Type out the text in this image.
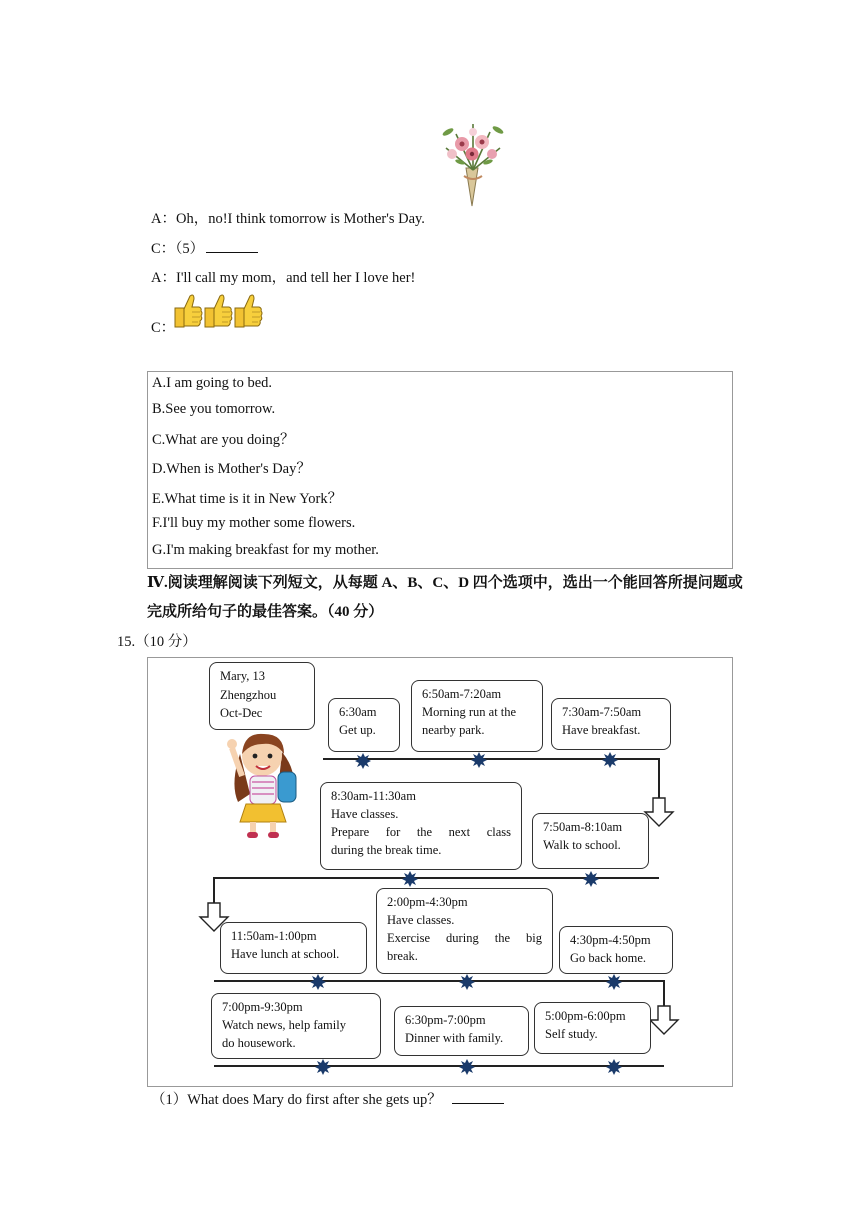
A：Oh，no!I think tomorrow is Mother's Day.
C：（5）
A：I'll call my mom，and tell her I love her!
C：
A.I am going to bed.
B.See you tomorrow.
C.What are you doing？
D.When is Mother's Day？
E.What time is it in New York？
F.I'll buy my mother some flowers.
G.I'm making breakfast for my mother.
Ⅳ.阅读理解阅读下列短文，从每题 A、B、C、D 四个选项中，选出一个能回答所提问题或
完成所给句子的最佳答案。（40 分）
15.（10 分）
Mary, 13
Zhengzhou
Oct-Dec	6:30am
Get up.
6:50am-7:20am
Morning run at the
nearby park.
7:30am-7:50am
Have breakfast.
8:30am-11:30am
Have classes.
Prepare for the next class
during the break time.
7:50am-8:10am
Walk to school.
11:50am-1:00pm
Have lunch at school.
2:00pm-4:30pm
Have classes.
Exercise during the big
break.
4:30pm-4:50pm
Go back home.
7:00pm-9:30pm
Watch news, help family
do housework.
6:30pm-7:00pm
Dinner with family.
5:00pm-6:00pm
Self study.
（1）What does Mary do first after she gets up？
